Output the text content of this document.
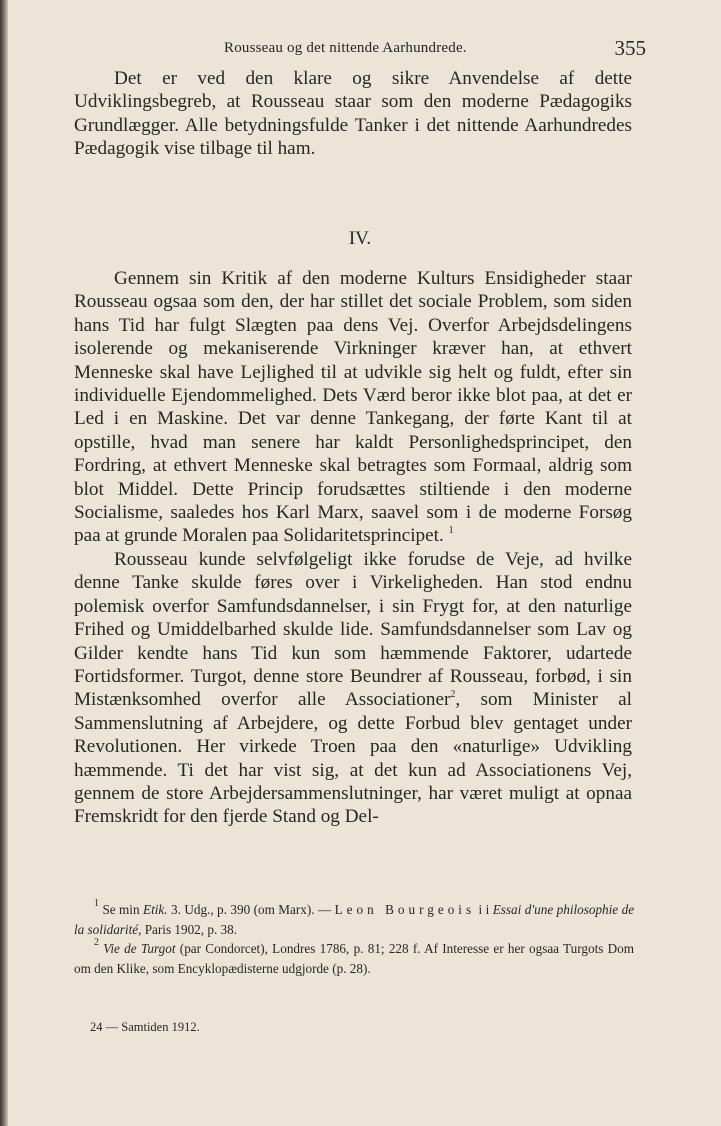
Rousseau og det nittende Aarhundrede.	355

Det er ved den klare og sikre Anvendelse af dette Udviklingsbegreb, at Rousseau staar som den moderne Pædagogiks Grundlægger. Alle betydningsfulde Tanker i det nittende Aarhundredes Pædagogik vise tilbage til ham.

IV.

Gennem sin Kritik af den moderne Kulturs Ensidigheder staar Rousseau ogsaa som den, der har stillet det sociale Problem, som siden hans Tid har fulgt Slægten paa dens Vej. Overfor Arbejdsdelingens isolerende og mekaniserende Virkninger kræver han, at ethvert Menneske skal have Lejlighed til at udvikle sig helt og fuldt, efter sin individuelle Ejendommelighed. Dets Værd beror ikke blot paa, at det er Led i en Maskine. Det var denne Tankegang, der førte Kant til at opstille, hvad man senere har kaldt Personlighedsprincipet, den Fordring, at ethvert Menneske skal betragtes som Formaal, aldrig som blot Middel. Dette Princip forudsættes stiltiende i den moderne Socialisme, saaledes hos Karl Marx, saavel som i de moderne Forsøg paa at grunde Moralen paa Solidaritetsprincipet. $^1$

Rousseau kunde selvfølgeligt ikke forudse de Veje, ad hvilke denne Tanke skulde føres over i Virkeligheden. Han stod endnu polemisk overfor Samfundsdannelser, i sin Frygt for, at den naturlige Frihed og Umiddelbarhed skulde lide. Samfundsdannelser som Lav og Gilder kendte hans Tid kun som hæmmende Faktorer, udartede Fortidsformer. Turgot, denne store Beundrer af Rousseau, forbød, i sin Mistænksomhed overfor alle Associationer$^2$, som Minister al Sammenslutning af Arbejdere, og dette Forbud blev gentaget under Revolutionen. Her virkede Troen paa den «naturlige» Udvikling hæmmende. Ti det har vist sig, at det kun ad Associationens Vej, gennem de store Arbejdersammenslutninger, har været muligt at opnaa Fremskridt for den fjerde Stand og Del-

$^1$ Se min Etik. 3. Udg., p. 390 (om Marx). — Leon Bourgeois i i Essai d'une philosophie de la solidarité, Paris 1902, p. 38.

$^2$ Vie de Turgot (par Condorcet), Londres 1786, p. 81; 228 f. Af Interesse er her ogsaa Turgots Dom om den Klike, som Encyklopædisterne udgjorde (p. 28).

24 — Samtiden 1912.
